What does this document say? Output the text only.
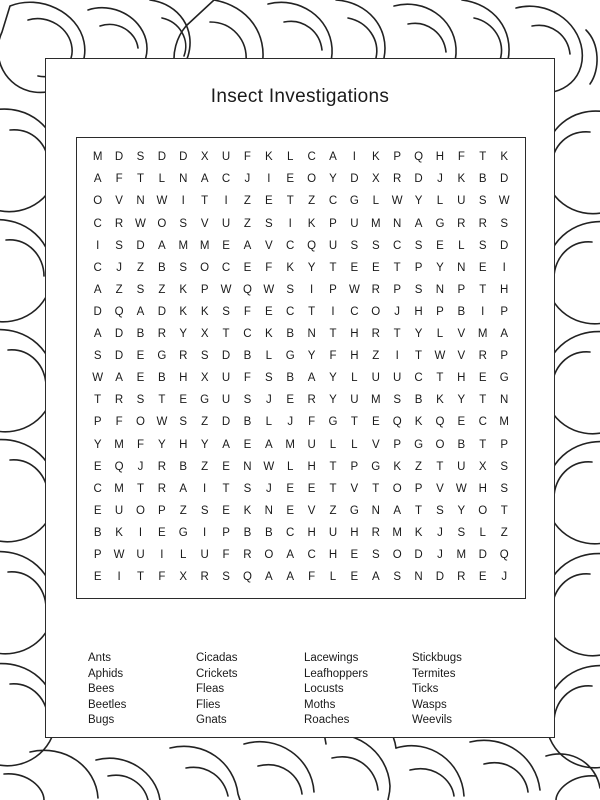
Insect Investigations
M	D	S	D	D	X	U	F	K	L	C	A	I	K	P	Q	H	F	T	K
A	F	T	L	N	A	C	J	I	E	O	Y	D	X	R	D	J	K	B	D
O	V	N	W	I	T	I	Z	E	T	Z	C	G	L	W	Y	L	U	S	W
C	R	W	O	S	V	U	Z	S	I	K	P	U	M	N	A	G	R	R	S
I	S	D	A	M	M	E	A	V	C	Q	U	S	S	C	S	E	L	S	D
C	J	Z	B	S	O	C	E	F	K	Y	T	E	E	T	P	Y	N	E	I
A	Z	S	Z	K	P	W	Q	W	S	I	P	W	R	P	S	N	P	T	H
D	Q	A	D	K	K	S	F	E	C	T	I	C	O	J	H	P	B	I	P
A	D	B	R	Y	X	T	C	K	B	N	T	H	R	T	Y	L	V	M	A
S	D	E	G	R	S	D	B	L	G	Y	F	H	Z	I	T	W	V	R	P
W	A	E	B	H	X	U	F	S	B	A	Y	L	U	U	C	T	H	E	G
T	R	S	T	E	G	U	S	J	E	R	Y	U	M	S	B	K	Y	T	N
P	F	O	W	S	Z	D	B	L	J	F	G	T	E	Q	K	Q	E	C	M
Y	M	F	Y	H	Y	A	E	A	M	U	L	L	V	P	G	O	B	T	P
E	Q	J	R	B	Z	E	N	W	L	H	T	P	G	K	Z	T	U	X	S
C	M	T	R	A	I	T	S	J	E	E	T	V	T	O	P	V	W	H	S
E	U	O	P	Z	S	E	K	N	E	V	Z	G	N	A	T	S	Y	O	T
B	K	I	E	G	I	P	B	B	C	H	U	H	R	M	K	J	S	L	Z
P	W	U	I	L	U	F	R	O	A	C	H	E	S	O	D	J	M	D	Q
E	I	T	F	X	R	S	Q	A	A	F	L	E	A	S	N	D	R	E	J
Ants
Aphids
Bees
Beetles
Bugs
Cicadas
Crickets
Fleas
Flies
Gnats
Lacewings
Leafhoppers
Locusts
Moths
Roaches
Stickbugs
Termites
Ticks
Wasps
Weevils
